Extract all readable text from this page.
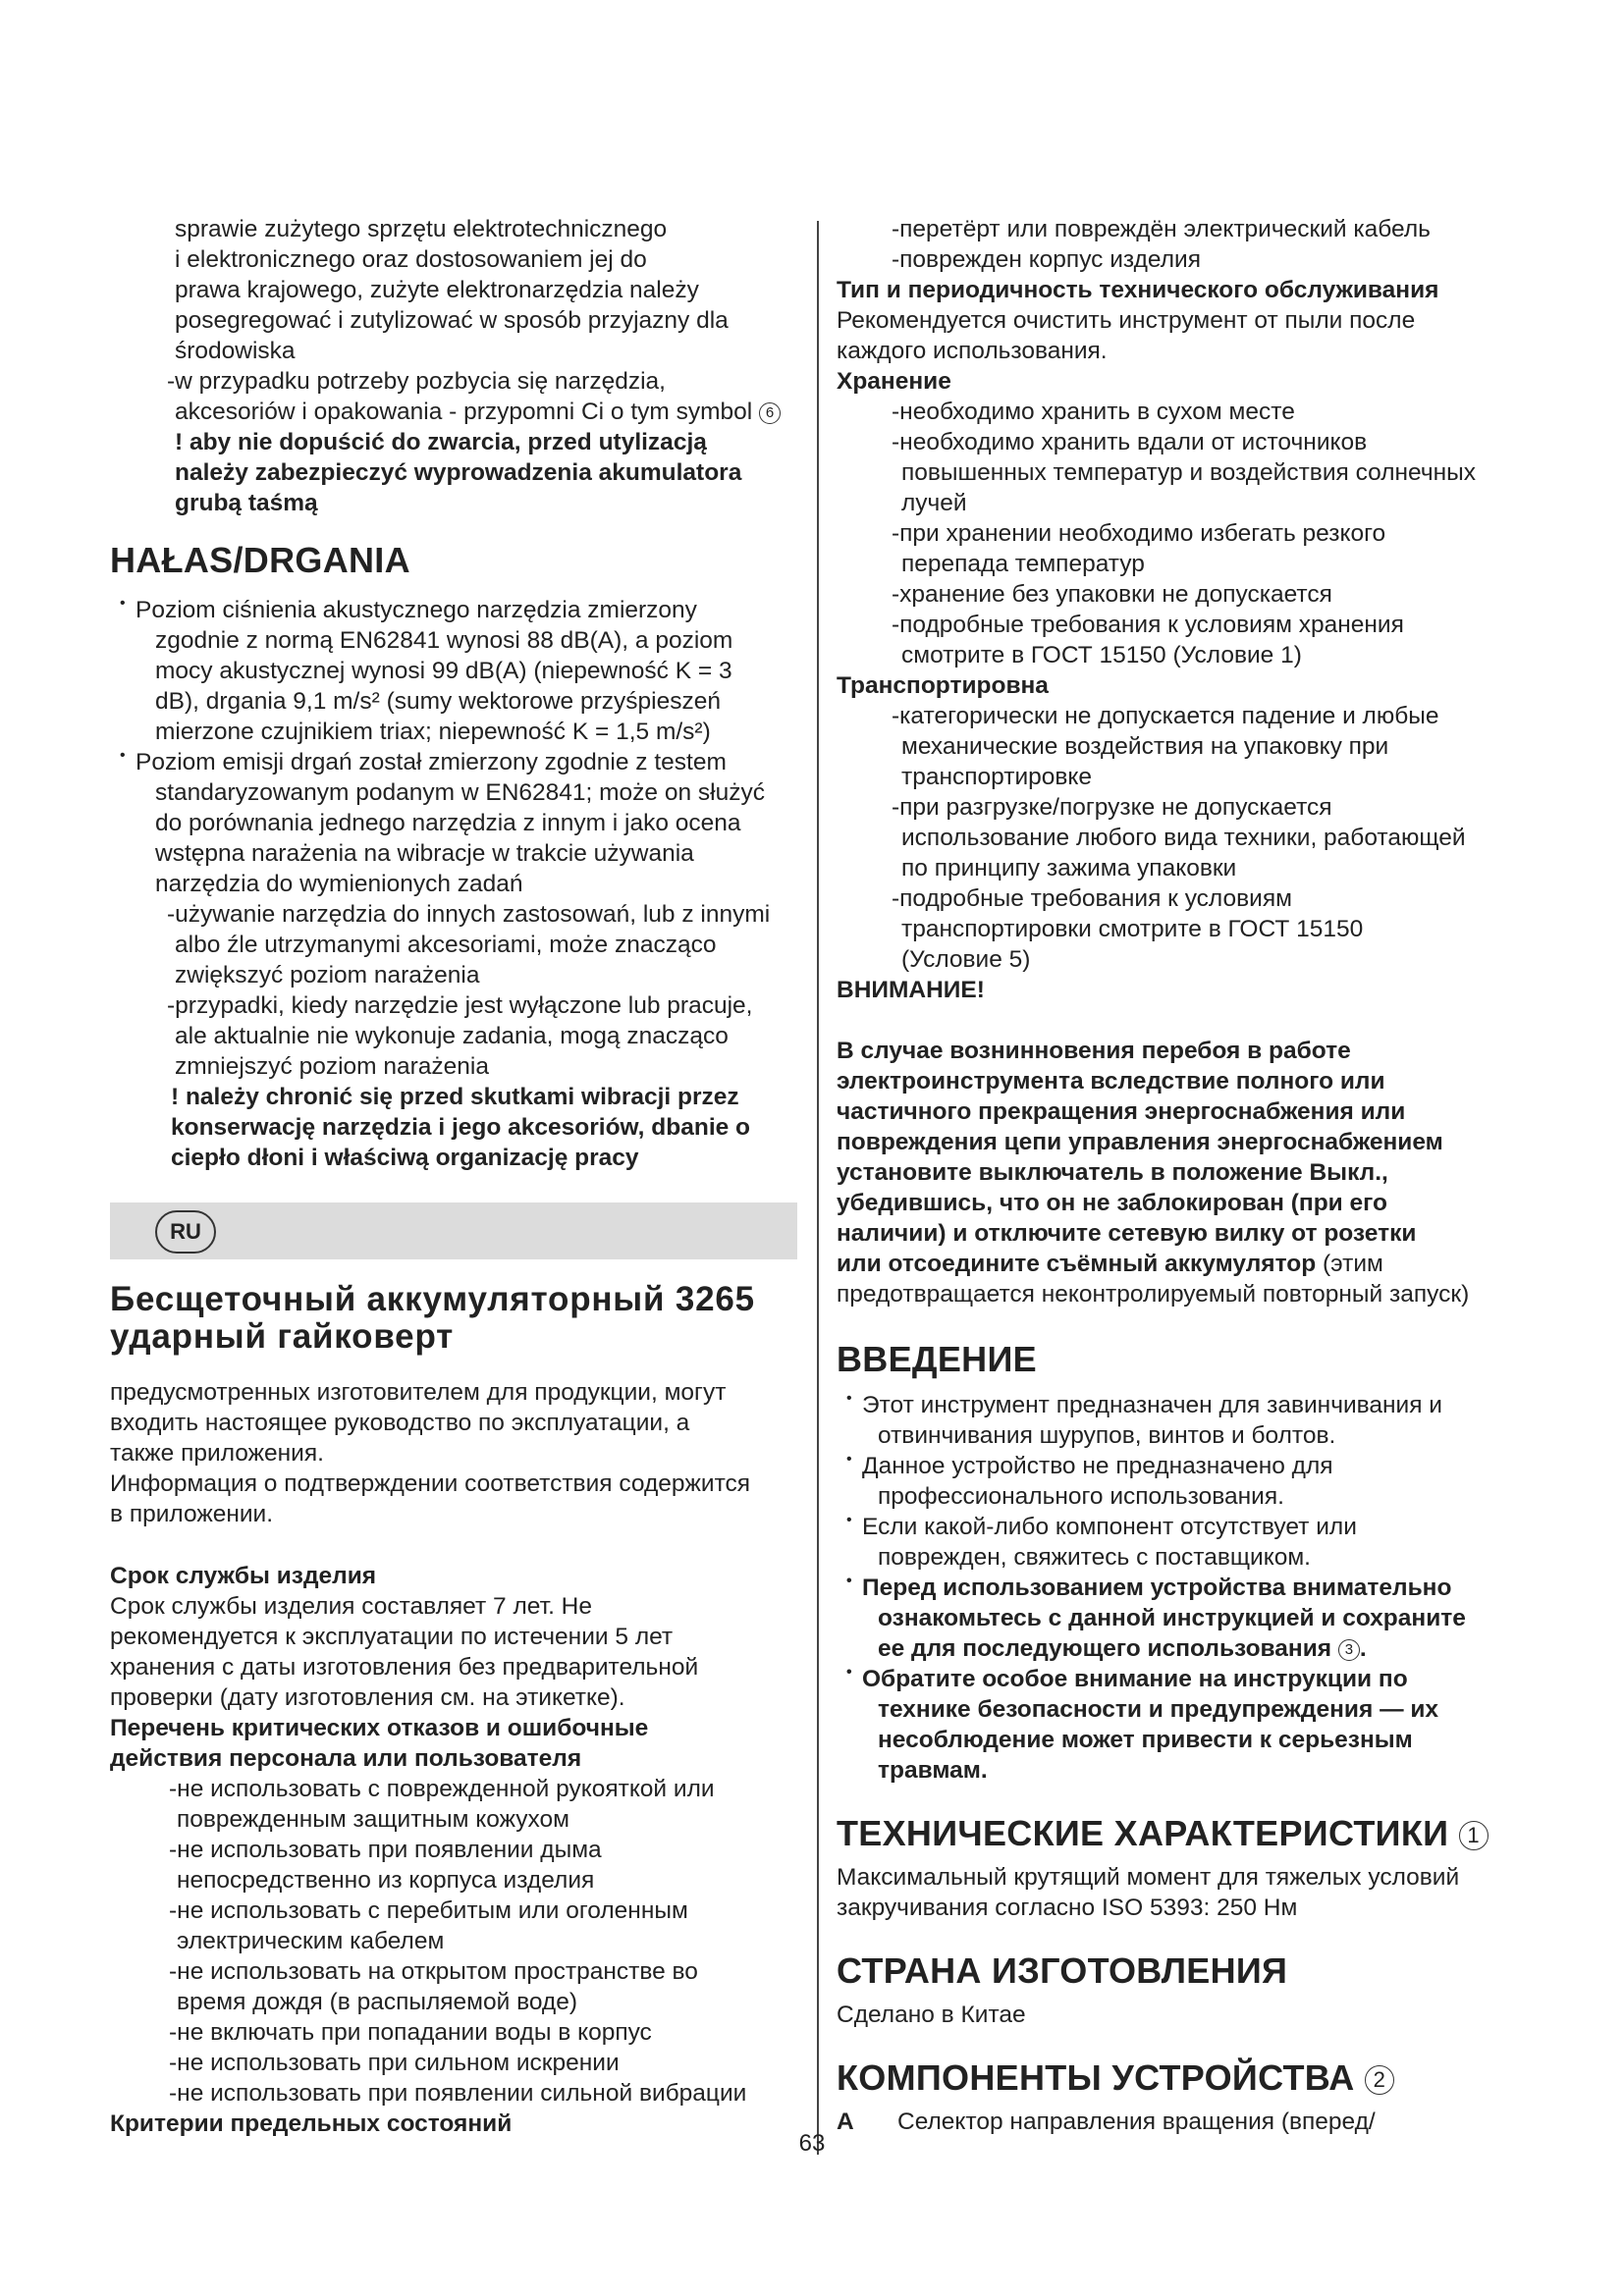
sprawie zużytego sprzętu elektrotechnicznego

i elektronicznego oraz dostosowaniem jej do

prawa krajowego, zużyte elektronarzędzia należy

posegregować i zutylizować w sposób przyjazny dla

środowiska

-w przypadku potrzeby pozbycia się narzędzia,

akcesoriów i opakowania - przypomni Ci o tym symbol 6

! aby nie dopuścić do zwarcia, przed utylizacją

należy zabezpieczyć wyprowadzenia akumulatora

grubą taśmą

HAŁAS/DRGANIA

• Poziom ciśnienia akustycznego narzędzia zmierzony

zgodnie z normą EN62841 wynosi 88 dB(A), a poziom

mocy akustycznej wynosi 99 dB(A) (niepewność K = 3

dB), drgania 9,1 m/s² (sumy wektorowe przyśpieszeń

mierzone czujnikiem triax; niepewność K = 1,5 m/s²)

• Poziom emisji drgań został zmierzony zgodnie z testem

standaryzowanym podanym w EN62841; może on służyć

do porównania jednego narzędzia z innym i jako ocena

wstępna narażenia na wibracje w trakcie używania

narzędzia do wymienionych zadań

-używanie narzędzia do innych zastosowań, lub z innymi

albo źle utrzymanymi akcesoriami, może znacząco

zwiększyć poziom narażenia

-przypadki, kiedy narzędzie jest wyłączone lub pracuje,

ale aktualnie nie wykonuje zadania, mogą znacząco

zmniejszyć poziom narażenia

! należy chronić się przed skutkami wibracji przez

konserwację narzędzia i jego akcesoriów, dbanie o

ciepło dłoni i właściwą organizację pracy

RU

Бесщеточный аккумуляторный 3265

ударный гайковерт

предусмотренных изготовителем для продукции, могут

входить настоящее руководство по эксплуатации, а

также приложения.

Информация о подтверждении соответствия содержится

в приложении.

Срок службы изделия

Срок службы изделия составляет 7 лет. Не

рекомендуется к эксплуатации по истечении 5 лет

хранения с даты изготовления без предварительной

проверки (дату изготовления см. на этикетке).

Перечень критических отказов и ошибочные

действия персонала или пользователя

-не использовать с поврежденной рукояткой или

поврежденным защитным кожухом

-не использовать при появлении дыма

непосредственно из корпуса изделия

-не использовать с перебитым или оголенным

электрическим кабелем

-не использовать на открытом пространстве во

время дождя (в распыляемой воде)

-не включать при попадании воды в корпус

-не использовать при сильном искрении

-не использовать при появлении сильной вибрации

Критерии предельных состояний

-перетёрт или повреждён электрический кабель

-поврежден корпус изделия

Тип и периодичность технического обслуживания

Рекомендуется очистить инструмент от пыли после

каждого использования.

Хранение

-необходимо хранить в сухом месте

-необходимо хранить вдали от источников

повышенных температур и воздействия солнечных

лучей

-при хранении необходимо избегать резкого

перепада температур

-хранение без упаковки не допускается

-подробные требования к условиям хранения

смотрите в ГОСТ 15150 (Условие 1)

Транспортировна

-категорически не допускается падение и любые

механические воздействия на упаковку при

транспортировке

-при разгрузке/погрузке не допускается

использование любого вида техники, работающей

по принципу зажима упаковки

-подробные требования к условиям

транспортировки смотрите в ГОСТ 15150

(Условие 5)

ВНИМАНИЕ!

В случае возниннoвения перебоя в работе

электроинструмента вследствие полного или

частичного прекращения энергоснабжения или

повреждения цепи управления энергоснабжением

установите выключатель в положение Выкл.,

убедившись, что он не заблокирован (при его

наличии) и отключите сетевую вилку от розетки

или отсоедините съёмный аккумулятор (этим

предотвращается неконтролируемый повторный запуск)

ВВЕДЕНИЕ

• Этот инструмент предназначен для завинчивания и

отвинчивания шурупов, винтов и болтов.

• Данное устройство не предназначено для

профессионального использования.

• Если какой-либо компонент отсутствует или

поврежден, свяжитесь с поставщиком.

• Перед использованием устройства внимательно

ознакомьтесь с данной инструкцией и сохраните

ее для последующего использования 3 .

• Обратите особое внимание на инструкции по

технике безопасности и предупреждения — их

несоблюдение может привести к серьезным

травмам.

ТЕХНИЧЕСКИЕ ХАРАКТЕРИСТИКИ 1

Максимальный крутящий момент для тяжелых условий

закручивания согласно ISO 5393: 250 Нм

СТРАНА ИЗГОТОВЛЕНИЯ

Сделано в Китае

КОМПОНЕНТЫ УСТРОЙСТВА 2

A Селектор направления вращения (вперед/

63
